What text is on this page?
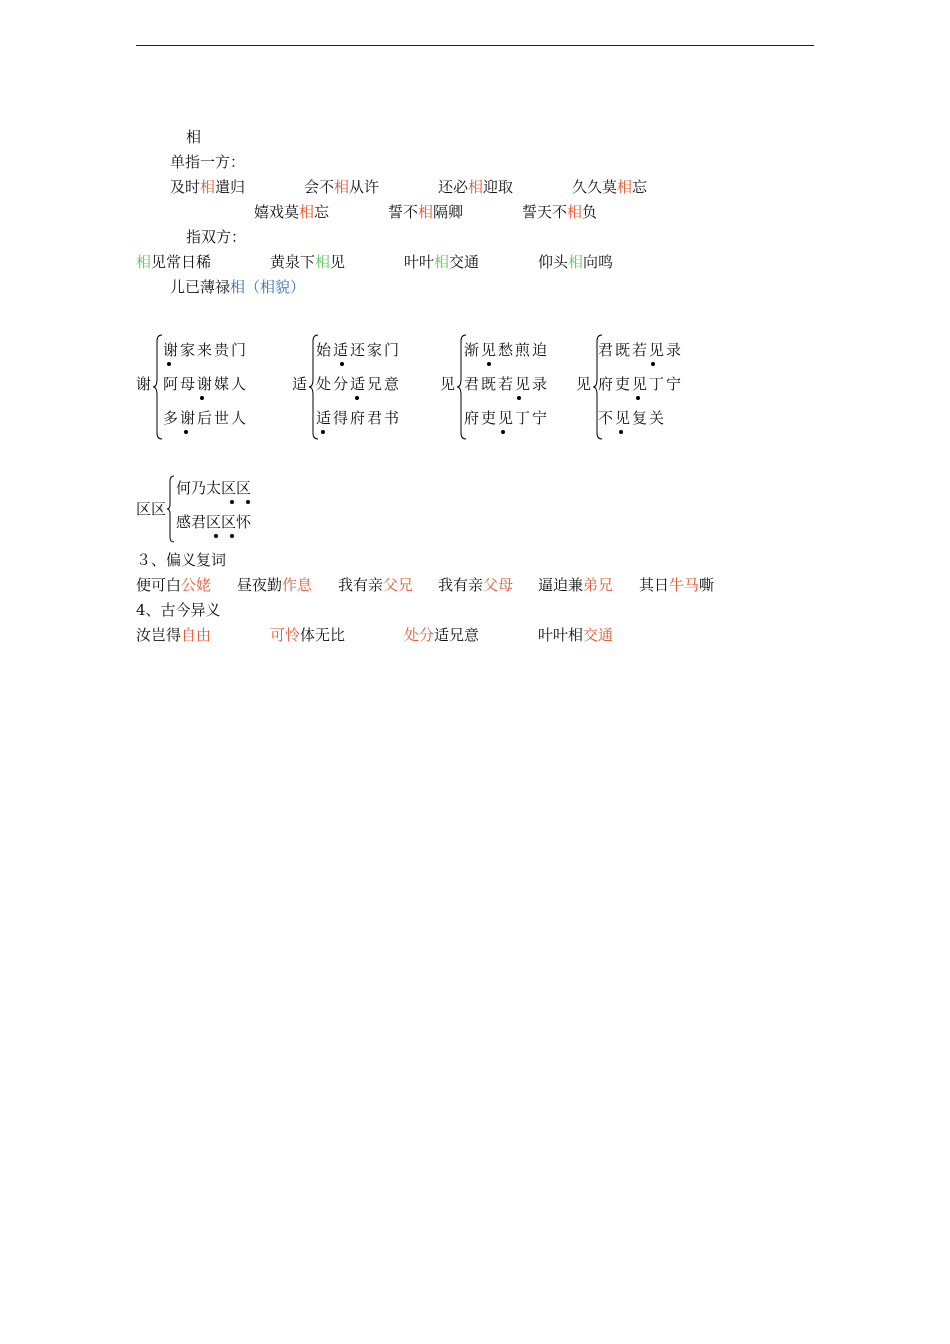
相
单指一方：
及时相遣归	会不相从许	还必相迎取	久久莫相忘
嬉戏莫相忘	誓不相隔卿	誓天不相负
指双方：
相见常日稀	黄泉下相见	叶叶相交通	仰头相向鸣
儿已薄禄相（相貌）
谢
谢家来贵门
阿母谢媒人
多谢后世人
适
始适还家门
处分适兄意
适得府君书
见
渐见愁煎迫
君既若见录
府吏见丁宁
见
君既若见录
府吏见丁宁
不见复关
区区
何乃太区区
感君区区怀
３、偏义复词
便可白公姥 昼夜勤作息 我有亲父兄 我有亲父母 逼迫兼弟兄 其日牛马嘶
4、古今异义
汝岂得自由	可怜体无比	处分适兄意	叶叶相交通
